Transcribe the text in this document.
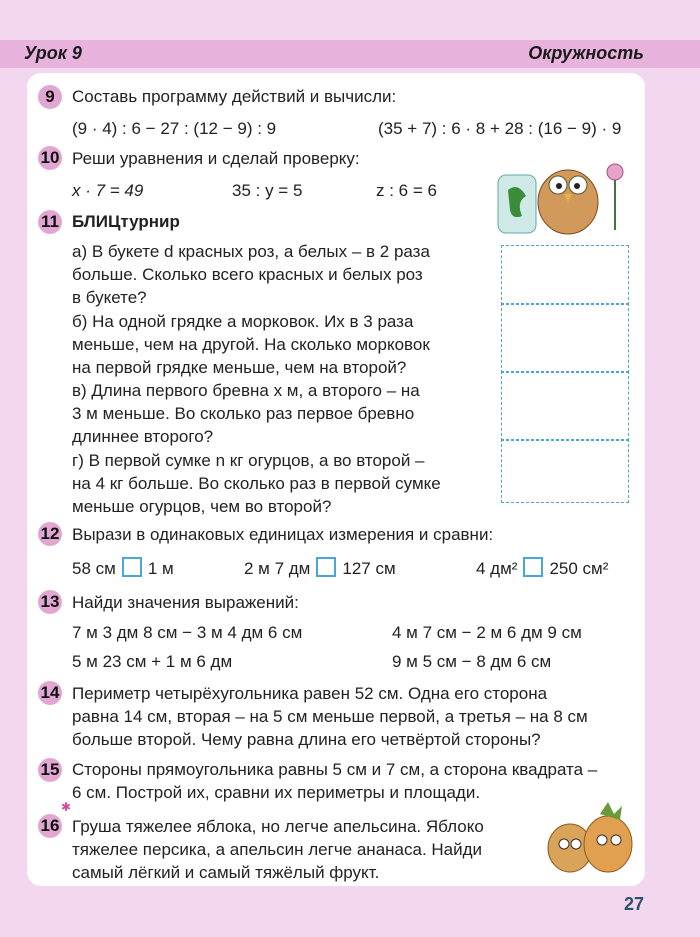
Урок 9	Окружность
9	Составь программу действий и вычисли:
(9 · 4) : 6 − 27 : (12 − 9) : 9	(35 + 7) : 6 · 8 + 28 : (16 − 9) · 9
10 Реши уравнения и сделай проверку:
x · 7 = 49	35 : y = 5	z : 6 = 6
11 БЛИЦтурнир
а) В букете d красных роз, а белых – в 2 раза
больше. Сколько всего красных и белых роз
в букете?
б) На одной грядке a морковок. Их в 3 раза
меньше, чем на другой. На сколько морковок
на первой грядке меньше, чем на второй?
в) Длина первого бревна x м, а второго – на
3 м меньше. Во сколько раз первое бревно
длиннее второго?
г) В первой сумке n кг огурцов, а во второй –
на 4 кг больше. Во сколько раз в первой сумке
меньше огурцов, чем во второй?
12 Вырази в одинаковых единицах измерения и сравни:
58 см 1 м	2 м 7 дм 127 см	4 дм² 250 см²
13 Найди значения выражений:
7 м 3 дм 8 см − 3 м 4 дм 6 см	4 м 7 см − 2 м 6 дм 9 см
5 м 23 см + 1 м 6 дм	9 м 5 см − 8 дм 6 см
14 Периметр четырёхугольника равен 52 см. Одна его сторона
равна 14 см, вторая – на 5 см меньше первой, а третья – на 8 см
больше второй. Чему равна длина его четвёртой стороны?
15 Стороны прямоугольника равны 5 см и 7 см, а сторона квадрата –
6 см. Построй их, сравни их периметры и площади.
✱
16 Груша тяжелее яблока, но легче апельсина. Яблоко
тяжелее персика, а апельсин легче ананаса. Найди
самый лёгкий и самый тяжёлый фрукт.
27
